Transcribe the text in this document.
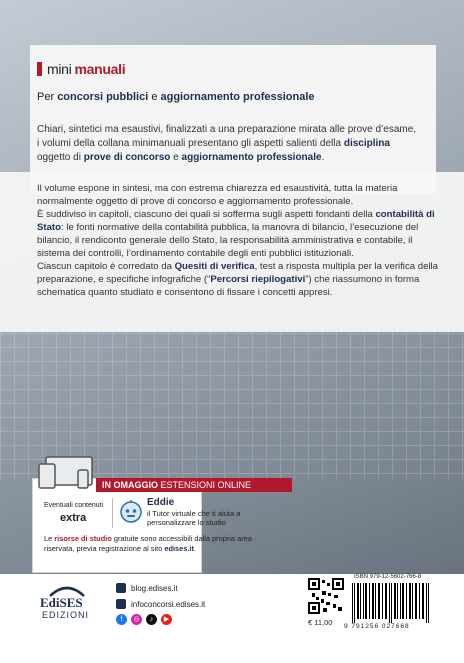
mini manuali
Per concorsi pubblici e aggiornamento professionale
Chiari, sintetici ma esaustivi, finalizzati a una preparazione mirata alle prove d’esame, i volumi della collana minimanuali presentano gli aspetti salienti della disciplina oggetto di prove di concorso e aggiornamento professionale.

Il volume espone in sintesi, ma con estrema chiarezza ed esaustività, tutta la materia normalmente oggetto di prove di concorso e aggiornamento professionale.

È suddiviso in capitoli, ciascuno dei quali si sofferma sugli aspetti fondanti della contabilità di Stato: le fonti normative della contabilità pubblica, la manovra di bilancio, l’esecuzione del bilancio, il rendiconto generale dello Stato, la responsabilità amministrativa e contabile, il sistema dei controlli, l’ordinamento contabile degli enti pubblici istituzionali.

Ciascun capitolo è corredato da Quesiti di verifica, test a risposta multipla per la verifica della preparazione, e specifiche infografiche (“Percorsi riepilogativi”) che riassumono in forma schematica quanto studiato e consentono di fissare i concetti appresi.

IN OMAGGIO ESTENSIONI ONLINE
Eventuali contenuti
extra
Eddie
il Tutor virtuale che ti aiuta a personalizzare lo studio
Le risorse di studio gratuite sono accessibili dalla propria area riservata, previa registrazione al sito edises.it.
EdiSES
EDIZIONI
blog.edises.it
infoconcorsi.edises.it
f	◎	♪	▶	€ 11,00
ISBN 979-12-5602-766-8
9 791256 027668
